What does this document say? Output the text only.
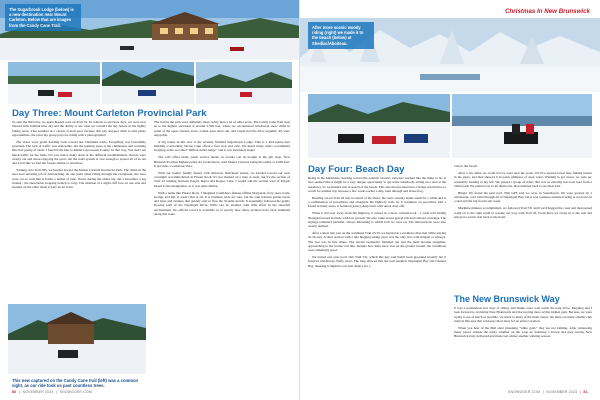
The Sugarbrook Lodge (below) is a new destination near Mount Carleton. Below that are images from the Candy Cane Trail.
Day Three: Mount Carleton Provincial Park

To start the third day, we again headed west on Trail 19. In contrast to previous days, we were now blessed with brilliant blue sky and the ability to see what we couldn't the day before in the lightly falling snow. That resulted in a clearer overall pace because this guy stopped often to take photo opportunities, the price my group pays for riding with a photographer!

The vistas were grand heading back toward the Christmas trails. Everything was beautifully groomed. The lack of traffic was noticeable, but the parking areas at the clubhouses and warming huts had plenty of sleds. I found trails like to Maine's Aroostook County. In that way, You don't see much traffic on the trails, but you notice many sleds at the different establishments. People were clearly out and about enjoying the sport, but the trails system is vast enough to spread all of us out and it felt like we had the forests almost to ourselves.

Turning onto Trail 385, we headed toward the Mount Carleton Provincial Park. The climb in the area does amazing job of debranching. At one point when riding through the evergreens, the trees were cut so well that it forms a tunnel of pine. Never during the entire trip did I encounter a log broken - the snowfields stopping branch or twig. The addition of a slight cliff face on one side and streams on the other made it truly an art form.

The trail in the park were definitely more twisty than a lot of other areas. The Candy Cane Trail took us to the highest elevation at around 2,500 feet, where we encountered windswept snow drifts in some of the open, treeless areas. Comet trees short run, and Cupid tied the drive together. All were enjoyable.

A big bonus in this area is the recently finished Sugarbrook Lodge. This is a 404-square-foot building overlooking Nictau Lake offers a fuel stop and café. We heard many riders recommend stopping at the so-called "million dollar lodge," and it was absolutely huge!

The café offers many quick service meals, in Acadia can be bought at the gift shop. New Brunswick's three highest peaks are located here, with Mount Carleton being the tallest at 2,690 feet. It provides a wondrous vista.

With our bodies freshly fueled with delicious individual pizzas, we headed toward our next overnight accommodation in Plaster Rock. It's not marked on a map as such, but it's the section of Trail 23 running between Popple Depot and Rogers Lake. I would add the section west of Popple Depot to the designation, as it was quite similar.

With a name like Plaster Rock, I imagined Candidus's famous offline Dragonair, fiery snow trails, strange and flat. It wasn't that at all. It is business wide for sure, but the trail features gentle twists and turns and avenues that quickly start to flow the 32-mile stretch. It essentially followed the gently flowing path of the Nepisiguit River. WPG can be attained with little effort in the snowfall environment. No official record is available as to exactly how many pictures have been stumbled along this route.

This new captured on the Candy Cane trail (left) was a common sight, as our ride took us past countless trees.
80  |  NOVEMBER 2024  |  SNOWGOER.COM
Christmas In New Brunswick
After more scenic woody riding (right) we made it to the beach (below) at Shediac/Aboiteau.
Day Four: Beach Day

Being in the Maritimes, heading toward the Atlantic Ocean's saltwater seemed like the thing to do. It also seemed like it might be a very unique opportunity to get some somebody, sitting on a sled at the seashore). So we headed east in search of the beach. This also incorporated into a bridge would have to watch for another trip because a few works earlier a ship went through and broke frog.

Heading out on Trail 26 east in search of the shore, the route actually heads south for a while and is a combination of powerlines and alongside the highway trail. As it continues on powerline trail a friend in many areas, it featured (gates) sharp turns with quick drop offs.

When it did veer away from the highway, it turned in a more wetland-look - a wide trail sliding through forested sections with low growth. We also came across gravel pits and railroad crossings. The signage remained plentiful, always informing to which trail we were on. The intersections were also clearly marked.

After a short ride east on the combined Trail 23/10, we headed in a northeast direction while staying on 26 east. A short section with a line hugging taking place was the only area with moguls or whoops. The rest was in fine shape. The terrain eventually flattened out and the bush became straighter, approaching to the former rail line. Despite how little snow was on the ground overall, the conditions were amazingly good.

We turned east onto local club Trail 531, which this guy said hadn't been groomed recently but it featured windswept, fluffy snow. The map showed that the trail parallels Nepisiguit Bay and Chaleur Bay, meaning it might be our best chance for a

visit to the beach.

After a few miles we could tell we were near the water. We first spotted forest here flaking breeze in the gusts, and then showed it in quick glimpses of open water. Wanting to get closer, we rode on, constantly looking to my left. We passed a group of riders that was so entering into trail road from a rabbit path. We pulled over to let them pass, then doubled back to see their trail.

Bingo! We found the next trail. This GPS said we were in Stonehaven. We were greeted by a windswept, cold wind through all of Nepisiguit Bay, but it was a unique sensation being at sea level on a sled and the big frozen salt water.

Maritime minutes accomplished, we followed Trail 531 until we'd hugged the coast and then turned south on to the right south to resume our loop with Trail 26. From there we swept in to the east and enjoyed a scenic ride back to the hotel.

The New Brunswick Way

It was a tremendous few days of riding, and thanks were well worth the long drive. Mapping and I look forward to revisiting New Brunswick and discovering more of this hidden gem. Because we were trying to see as much as possible, we stuck to many of the main routes, but there are many smaller club trails in this area that can keep riders busy for an entire vacation.

When you hear of the Bell slant (meaning "white gold," they are not kidding. After witnessing many places outside the trusty windlier on the wrap up featuring a brown and grey terrain, New Brunswick truly delivered and made last winter another winning season.

SNOWGOER.COM  |  NOVEMBER 2024  |  81
